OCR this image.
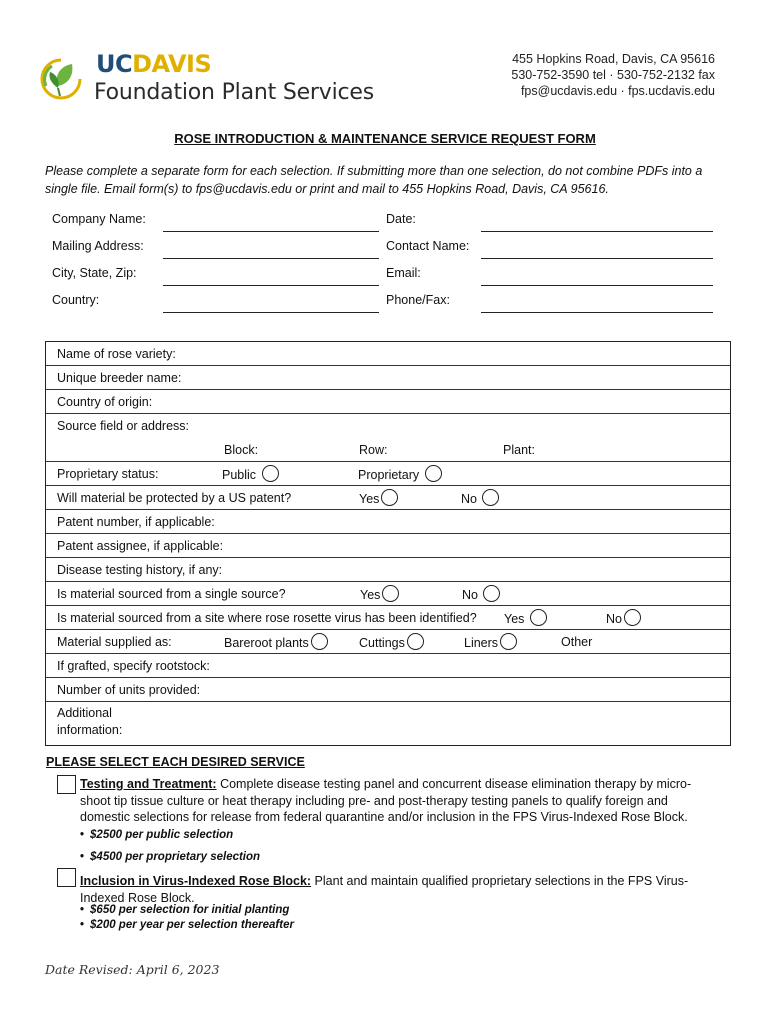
UCDAVIS
Foundation Plant Services
455 Hopkins Road, Davis, CA 95616
530-752-3590 tel · 530-752-2132 fax
fps@ucdavis.edu · fps.ucdavis.edu
ROSE INTRODUCTION & MAINTENANCE SERVICE REQUEST FORM
Please complete a separate form for each selection. If submitting more than one selection, do not combine PDFs into a single file. Email form(s) to fps@ucdavis.edu or print and mail to 455 Hopkins Road, Davis, CA 95616.
Company Name:	Date:
Mailing Address:	Contact Name:
City, State, Zip:	Email:
Country:	Phone/Fax:
Name of rose variety:
Unique breeder name:
Country of origin:
Source field or address:
Block:	Row:	Plant:
Proprietary status:	Public	Proprietary
Will material be protected by a US patent?	Yes	No
Patent number, if applicable:
Patent assignee, if applicable:
Disease testing history, if any:
Is material sourced from a single source?	Yes	No
Is material sourced from a site where rose rosette virus has been identified? Yes	No
Material supplied as:	Bareroot plants	Cuttings	Liners	Other
If grafted, specify rootstock:
Number of units provided:
Additional
information:
PLEASE SELECT EACH DESIRED SERVICE
Testing and Treatment: Complete disease testing panel and concurrent disease elimination therapy by micro-shoot tip tissue culture or heat therapy including pre- and post-therapy testing panels to qualify foreign and domestic selections for release from federal quarantine and/or inclusion in the FPS Virus-Indexed Rose Block.
• $2500 per public selection
• $4500 per proprietary selection
Inclusion in Virus-Indexed Rose Block: Plant and maintain qualified proprietary selections in the FPS Virus-Indexed Rose Block.
• $650 per selection for initial planting
• $200 per year per selection thereafter
Date Revised: April 6, 2023
